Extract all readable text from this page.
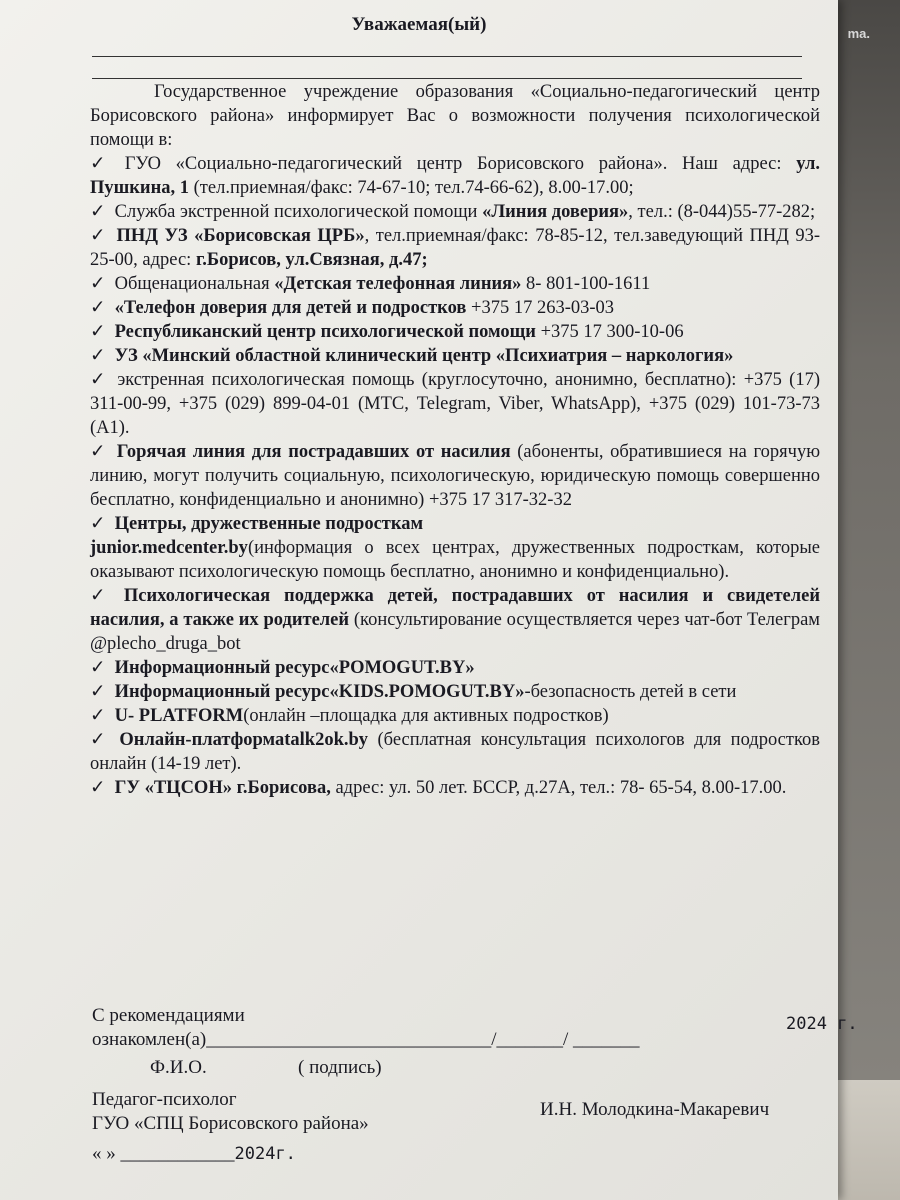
ma.
Уважаемая(ый)

Государственное учреждение образования «Социально-педагогический центр Борисовского района» информирует Вас о возможности получения психологической помощи в:

✓ ГУО «Социально-педагогический центр Борисовского района». Наш адрес: ул. Пушкина, 1 (тел.приемная/факс: 74-67-10; тел.74-66-62), 8.00-17.00;

✓ Служба экстренной психологической помощи «Линия доверия», тел.: (8-044)55-77-282;

✓ ПНД УЗ «Борисовская ЦРБ», тел.приемная/факс: 78-85-12, тел.заведующий ПНД 93-25-00, адрес: г.Борисов, ул.Связная, д.47;

✓ Общенациональная «Детская телефонная линия» 8- 801-100-1611

✓ «Телефон доверия для детей и подростков +375 17 263-03-03

✓ Республиканский центр психологической помощи +375 17 300-10-06

✓ УЗ «Минский областной клинический центр «Психиатрия – наркология»

✓ экстренная психологическая помощь (круглосуточно, анонимно, бесплатно): +375 (17) 311-00-99, +375 (029) 899-04-01 (МТС, Telegram, Viber, WhatsApp), +375 (029) 101-73-73 (А1).

✓ Горячая линия для пострадавших от насилия (абоненты, обратившиеся на горячую линию, могут получить социальную, психологическую, юридическую помощь совершенно бесплатно, конфиденциально и анонимно) +375 17 317-32-32

✓ Центры, дружественные подросткам

junior.medcenter.by(информация о всех центрах, дружественных подросткам, которые оказывают психологическую помощь бесплатно, анонимно и конфиденциально).

✓ Психологическая поддержка детей, пострадавших от насилия и свидетелей насилия, а также их родителей (консультирование осуществляется через чат-бот Телеграм @plecho_druga_bot

✓ Информационный ресурс«POMOGUT.BY»

✓ Информационный ресурс«KIDS.POMOGUT.BY»-безопасность детей в сети

✓ U- PLATFORM(онлайн –площадка для активных подростков)

✓ Онлайн-платформаtalk2ok.by (бесплатная консультация психологов для подростков онлайн (14-19 лет).

✓ ГУ «ТЦСОН» г.Борисова, адрес: ул. 50 лет. БССР, д.27А, тел.: 78- 65-54, 8.00-17.00.

С рекомендациями
ознакомлен(а)______________________________/_______/ _______
2024 г.
Ф.И.О.	( подпись)
Педагог-психолог	И.Н. Молодкина-Макаревич
ГУО «СПЦ Борисовского района»
« » ____________2024г.
